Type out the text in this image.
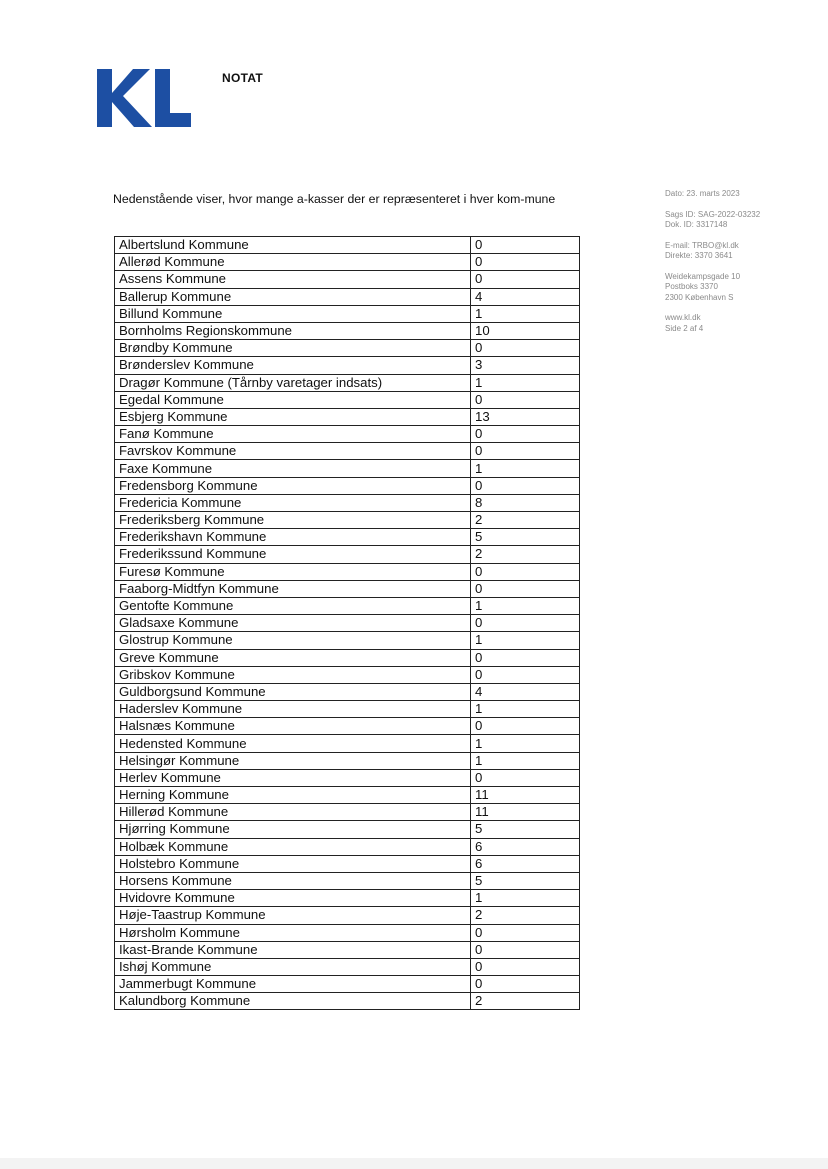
NOTAT
Nedenstående viser, hvor mange a-kasser der er repræsenteret i hver kom-mune	Dato: 23. marts 2023
Sags ID: SAG-2022-03232
Dok. ID: 3317148
E-mail: TRBO@kl.dk
Direkte: 3370 3641
Weidekampsgade 10
Postboks 3370
2300 København S
www.kl.dk
Side 2 af 4
Albertslund Kommune	0
Allerød Kommune	0
Assens Kommune	0
Ballerup Kommune	4
Billund Kommune	1
Bornholms Regionskommune	10
Brøndby Kommune	0
Brønderslev Kommune	3
Dragør Kommune (Tårnby varetager indsats)	1
Egedal Kommune	0
Esbjerg Kommune	13
Fanø Kommune	0
Favrskov Kommune	0
Faxe Kommune	1
Fredensborg Kommune	0
Fredericia Kommune	8
Frederiksberg Kommune	2
Frederikshavn Kommune	5
Frederikssund Kommune	2
Furesø Kommune	0
Faaborg-Midtfyn Kommune	0
Gentofte Kommune	1
Gladsaxe Kommune	0
Glostrup Kommune	1
Greve Kommune	0
Gribskov Kommune	0
Guldborgsund Kommune	4
Haderslev Kommune	1
Halsnæs Kommune	0
Hedensted Kommune	1
Helsingør Kommune	1
Herlev Kommune	0
Herning Kommune	11
Hillerød Kommune	11
Hjørring Kommune	5
Holbæk Kommune	6
Holstebro Kommune	6
Horsens Kommune	5
Hvidovre Kommune	1
Høje-Taastrup Kommune	2
Hørsholm Kommune	0
Ikast-Brande Kommune	0
Ishøj Kommune	0
Jammerbugt Kommune	0
Kalundborg Kommune	2
